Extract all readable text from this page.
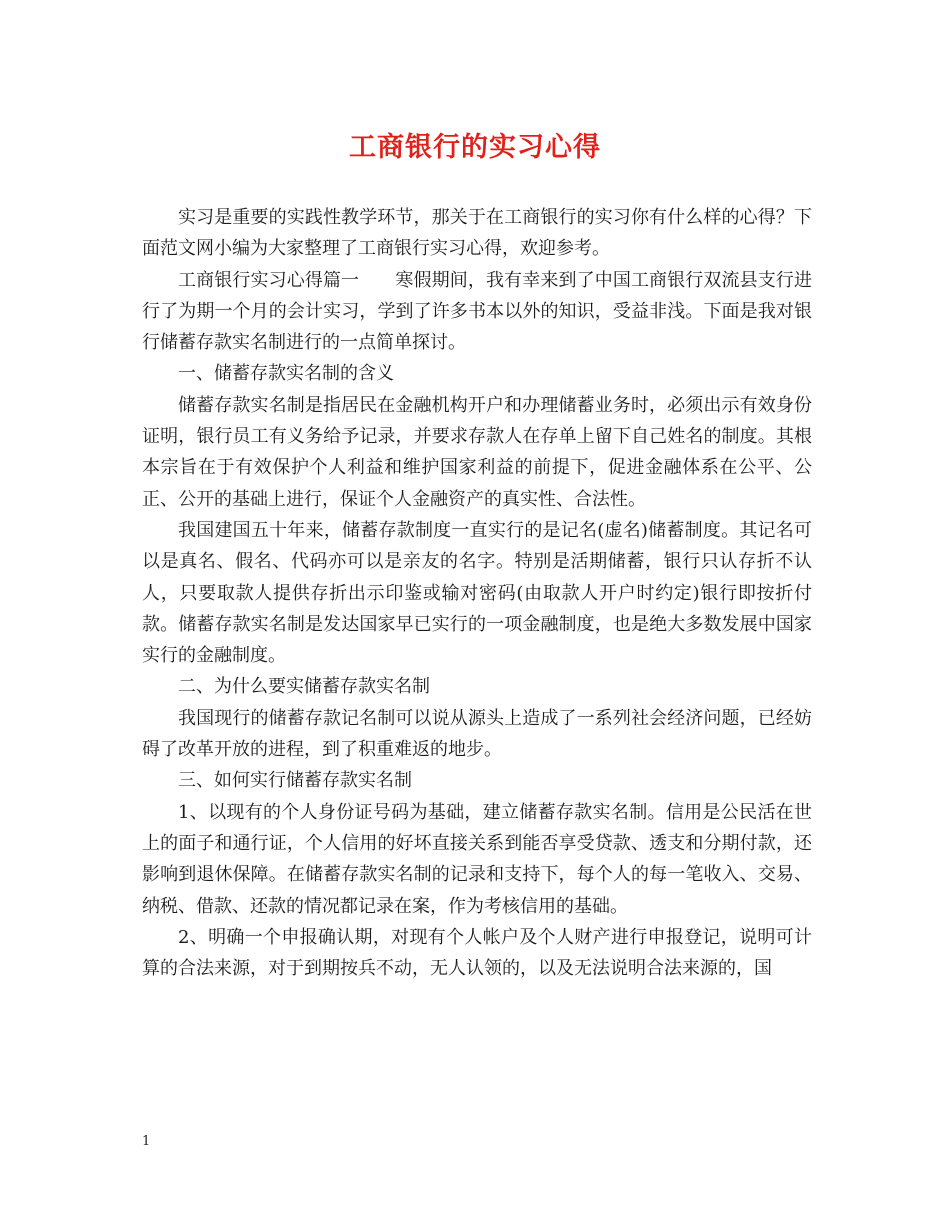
工商银行的实习心得

实习是重要的实践性教学环节，那关于在工商银行的实习你有什么样的心得？下面范文网小编为大家整理了工商银行实习心得，欢迎参考。

工商银行实习心得篇一　　寒假期间，我有幸来到了中国工商银行双流县支行进行了为期一个月的会计实习，学到了许多书本以外的知识，受益非浅。下面是我对银行储蓄存款实名制进行的一点简单探讨。

一、储蓄存款实名制的含义

储蓄存款实名制是指居民在金融机构开户和办理储蓄业务时，必须出示有效身份证明，银行员工有义务给予记录，并要求存款人在存单上留下自己姓名的制度。其根本宗旨在于有效保护个人利益和维护国家利益的前提下，促进金融体系在公平、公正、公开的基础上进行，保证个人金融资产的真实性、合法性。

我国建国五十年来，储蓄存款制度一直实行的是记名(虚名)储蓄制度。其记名可以是真名、假名、代码亦可以是亲友的名字。特别是活期储蓄，银行只认存折不认人，只要取款人提供存折出示印鉴或输对密码(由取款人开户时约定)银行即按折付款。储蓄存款实名制是发达国家早已实行的一项金融制度，也是绝大多数发展中国家实行的金融制度。

二、为什么要实储蓄存款实名制

我国现行的储蓄存款记名制可以说从源头上造成了一系列社会经济问题，已经妨碍了改革开放的进程，到了积重难返的地步。

三、如何实行储蓄存款实名制

1、以现有的个人身份证号码为基础，建立储蓄存款实名制。信用是公民活在世上的面子和通行证，个人信用的好坏直接关系到能否享受贷款、透支和分期付款，还影响到退休保障。在储蓄存款实名制的记录和支持下，每个人的每一笔收入、交易、纳税、借款、还款的情况都记录在案，作为考核信用的基础。

2、明确一个申报确认期，对现有个人帐户及个人财产进行申报登记，说明可计算的合法来源，对于到期按兵不动，无人认领的，以及无法说明合法来源的，国

1
